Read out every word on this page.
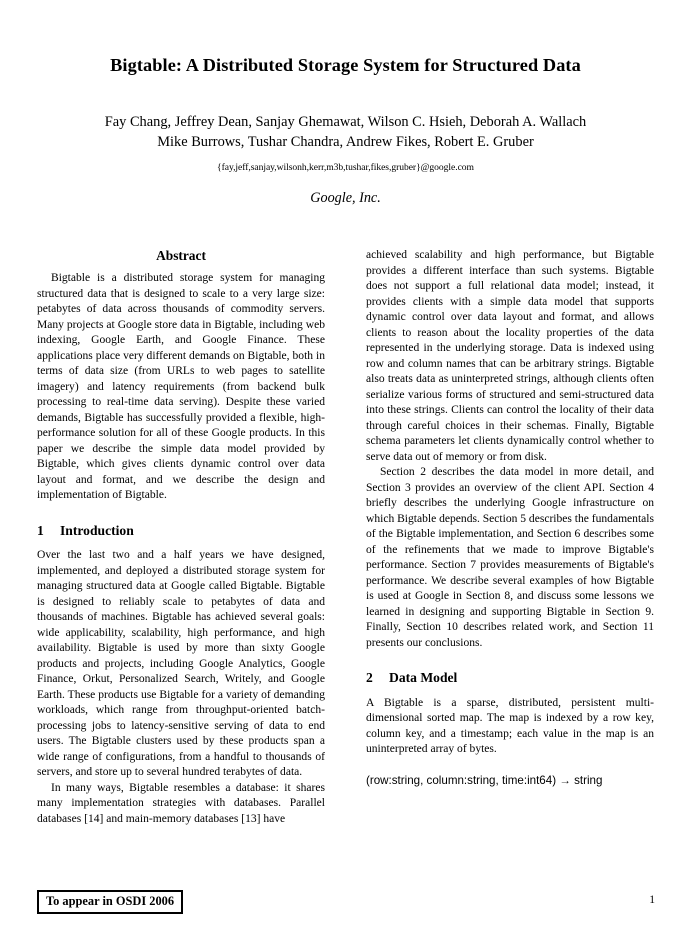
Bigtable: A Distributed Storage System for Structured Data
Fay Chang, Jeffrey Dean, Sanjay Ghemawat, Wilson C. Hsieh, Deborah A. Wallach
Mike Burrows, Tushar Chandra, Andrew Fikes, Robert E. Gruber
{fay,jeff,sanjay,wilsonh,kerr,m3b,tushar,fikes,gruber}@google.com
Google, Inc.
Abstract

Bigtable is a distributed storage system for managing structured data that is designed to scale to a very large size: petabytes of data across thousands of commodity servers. Many projects at Google store data in Bigtable, including web indexing, Google Earth, and Google Finance. These applications place very different demands on Bigtable, both in terms of data size (from URLs to web pages to satellite imagery) and latency requirements (from backend bulk processing to real-time data serving). Despite these varied demands, Bigtable has successfully provided a flexible, high-performance solution for all of these Google products. In this paper we describe the simple data model provided by Bigtable, which gives clients dynamic control over data layout and format, and we describe the design and implementation of Bigtable.

1 Introduction

Over the last two and a half years we have designed, implemented, and deployed a distributed storage system for managing structured data at Google called Bigtable. Bigtable is designed to reliably scale to petabytes of data and thousands of machines. Bigtable has achieved several goals: wide applicability, scalability, high performance, and high availability. Bigtable is used by more than sixty Google products and projects, including Google Analytics, Google Finance, Orkut, Personalized Search, Writely, and Google Earth. These products use Bigtable for a variety of demanding workloads, which range from throughput-oriented batch-processing jobs to latency-sensitive serving of data to end users. The Bigtable clusters used by these products span a wide range of configurations, from a handful to thousands of servers, and store up to several hundred terabytes of data.

In many ways, Bigtable resembles a database: it shares many implementation strategies with databases. Parallel databases [14] and main-memory databases [13] have

achieved scalability and high performance, but Bigtable provides a different interface than such systems. Bigtable does not support a full relational data model; instead, it provides clients with a simple data model that supports dynamic control over data layout and format, and allows clients to reason about the locality properties of the data represented in the underlying storage. Data is indexed using row and column names that can be arbitrary strings. Bigtable also treats data as uninterpreted strings, although clients often serialize various forms of structured and semi-structured data into these strings. Clients can control the locality of their data through careful choices in their schemas. Finally, Bigtable schema parameters let clients dynamically control whether to serve data out of memory or from disk.

Section 2 describes the data model in more detail, and Section 3 provides an overview of the client API. Section 4 briefly describes the underlying Google infrastructure on which Bigtable depends. Section 5 describes the fundamentals of the Bigtable implementation, and Section 6 describes some of the refinements that we made to improve Bigtable's performance. Section 7 provides measurements of Bigtable's performance. We describe several examples of how Bigtable is used at Google in Section 8, and discuss some lessons we learned in designing and supporting Bigtable in Section 9. Finally, Section 10 describes related work, and Section 11 presents our conclusions.

2 Data Model

A Bigtable is a sparse, distributed, persistent multi-dimensional sorted map. The map is indexed by a row key, column key, and a timestamp; each value in the map is an uninterpreted array of bytes.

(row:string, column:string, time:int64) → string
To appear in OSDI 2006	1
